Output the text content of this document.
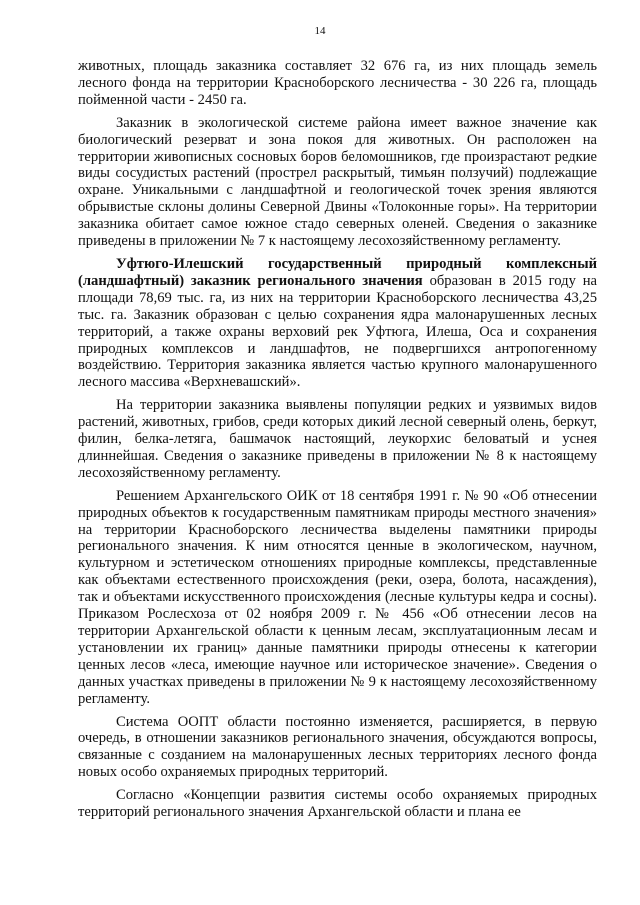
14

животных, площадь заказника составляет 32 676 га, из них площадь земель лесного фонда на территории Красноборского лесничества - 30 226 га, площадь пойменной части - 2450 га.

Заказник в экологической системе района имеет важное значение как биологический резерват и зона покоя для животных. Он расположен на территории живописных сосновых боров беломошников, где произрастают редкие виды сосудистых растений (прострел раскрытый, тимьян ползучий) подлежащие охране. Уникальными с ландшафтной и геологической точек зрения являются обрывистые склоны долины Северной Двины «Толоконные горы». На территории заказника обитает самое южное стадо северных оленей. Сведения о заказнике приведены в приложении № 7 к настоящему лесохозяйственному регламенту.

Уфтюго-Илешский государственный природный комплексный (ландшафтный) заказник регионального значения образован в 2015 году на площади 78,69 тыс. га, из них на территории Красноборского лесничества 43,25 тыс. га. Заказник образован с целью сохранения ядра малонарушенных лесных территорий, а также охраны верховий рек Уфтюга, Илеша, Оса и сохранения природных комплексов и ландшафтов, не подвергшихся антропогенному воздействию. Территория заказника является частью крупного малонарушенного лесного массива «Верхневашский».

На территории заказника выявлены популяции редких и уязвимых видов растений, животных, грибов, среди которых дикий лесной северный олень, беркут, филин, белка-летяга, башмачок настоящий, леукорхис беловатый и уснея длиннейшая. Сведения о заказнике приведены в приложении № 8 к настоящему лесохозяйственному регламенту.

Решением Архангельского ОИК от 18 сентября 1991 г. № 90 «Об отнесении природных объектов к государственным памятникам природы местного значения» на территории Красноборского лесничества выделены памятники природы регионального значения. К ним относятся ценные в экологическом, научном, культурном и эстетическом отношениях природные комплексы, представленные как объектами естественного происхождения (реки, озера, болота, насаждения), так и объектами искусственного происхождения (лесные культуры кедра и сосны). Приказом Рослесхоза от 02 ноября 2009 г. № 456 «Об отнесении лесов на территории Архангельской области к ценным лесам, эксплуатационным лесам и установлении их границ» данные памятники природы отнесены к категории ценных лесов «леса, имеющие научное или историческое значение». Сведения о данных участках приведены в приложении № 9 к настоящему лесохозяйственному регламенту.

Система ООПТ области постоянно изменяется, расширяется, в первую очередь, в отношении заказников регионального значения, обсуждаются вопросы, связанные с созданием на малонарушенных лесных территориях лесного фонда новых особо охраняемых природных территорий.

Согласно «Концепции развития системы особо охраняемых природных территорий регионального значения Архангельской области и плана ее
